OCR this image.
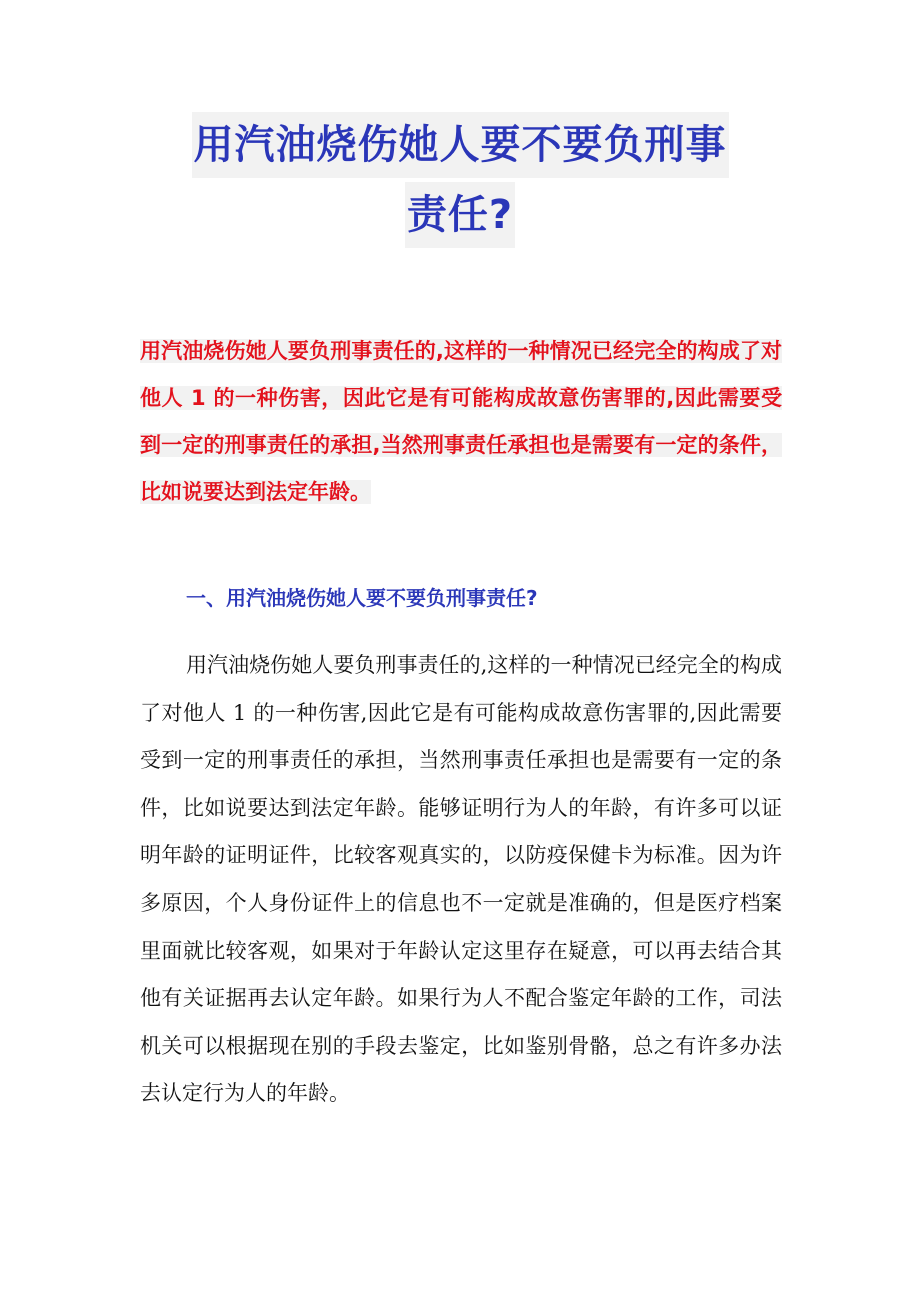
用汽油烧伤她人要不要负刑事
责任?
用汽油烧伤她人要负刑事责任的,这样的一种情况已经完全的构成了对他人 1 的一种伤害，因此它是有可能构成故意伤害罪的,因此需要受到一定的刑事责任的承担,当然刑事责任承担也是需要有一定的条件，比如说要达到法定年龄。
一、用汽油烧伤她人要不要负刑事责任?

用汽油烧伤她人要负刑事责任的,这样的一种情况已经完全的构成了对他人 1 的一种伤害,因此它是有可能构成故意伤害罪的,因此需要受到一定的刑事责任的承担，当然刑事责任承担也是需要有一定的条件，比如说要达到法定年龄。能够证明行为人的年龄，有许多可以证明年龄的证明证件，比较客观真实的，以防疫保健卡为标准。因为许多原因，个人身份证件上的信息也不一定就是准确的，但是医疗档案里面就比较客观，如果对于年龄认定这里存在疑意，可以再去结合其他有关证据再去认定年龄。如果行为人不配合鉴定年龄的工作，司法机关可以根据现在别的手段去鉴定，比如鉴别骨骼，总之有许多办法去认定行为人的年龄。
